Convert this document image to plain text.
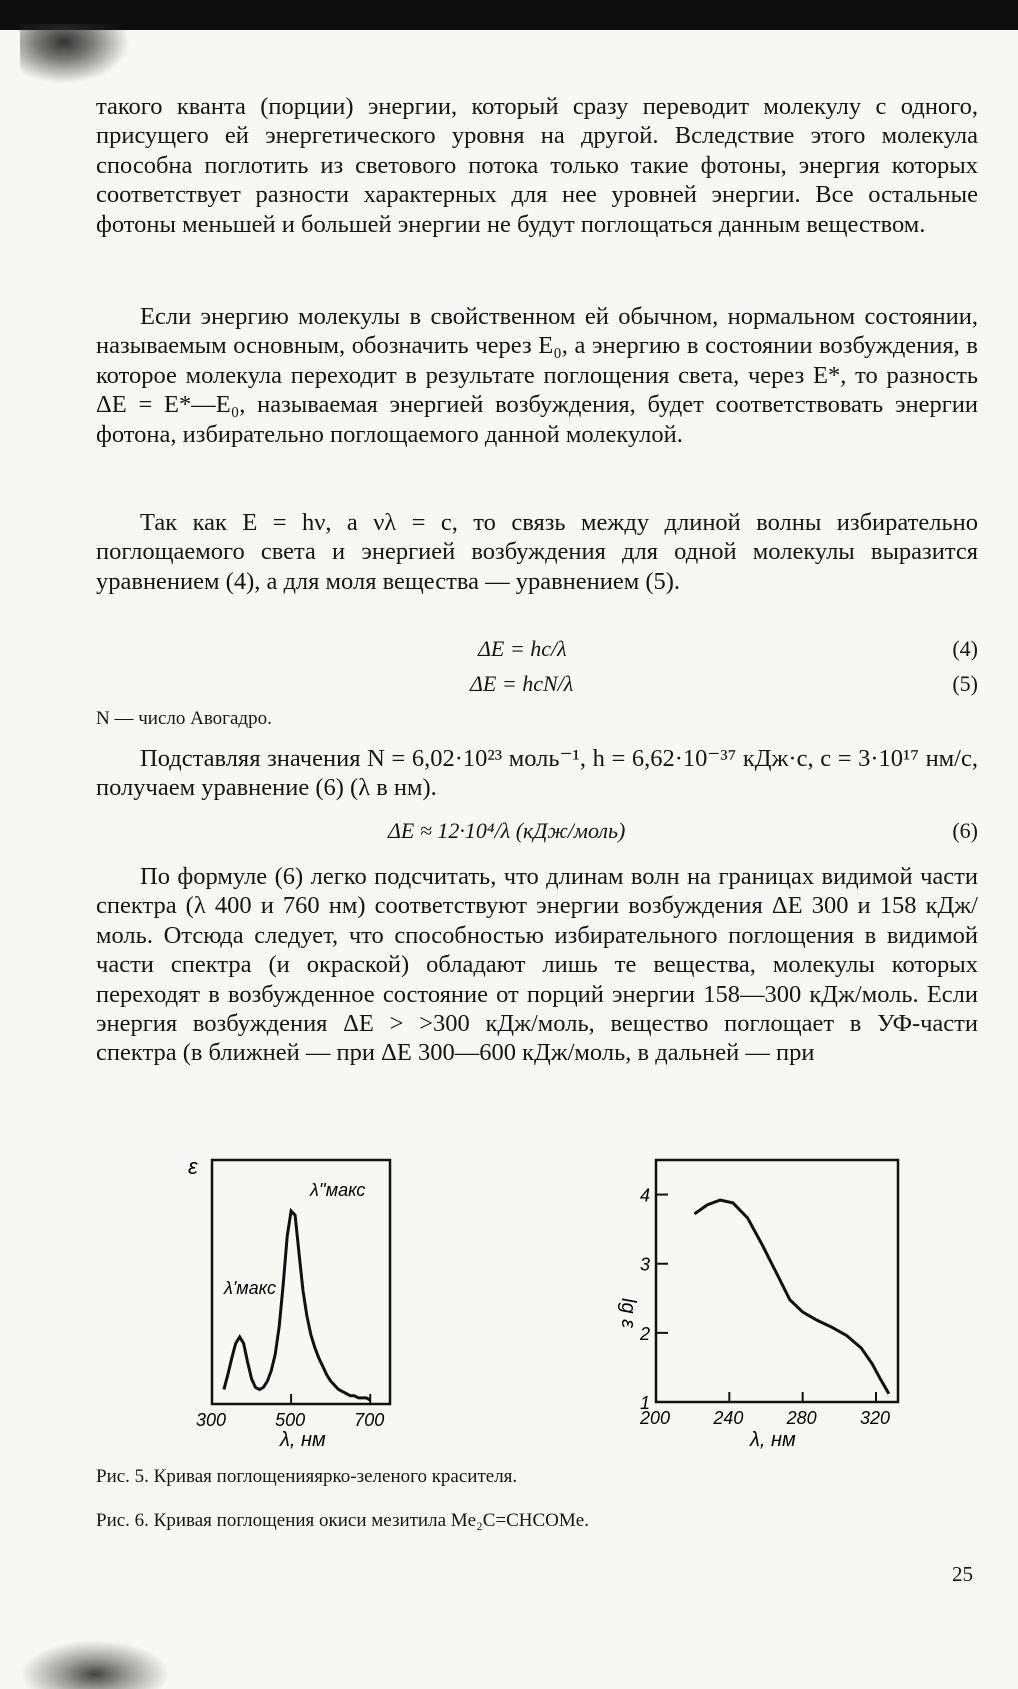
такого кванта (порции) энергии, который сразу переводит молекулу с одного, присущего ей энергетического уровня на другой. Вследствие этого молекула способна поглотить из светового потока только такие фотоны, энергия которых соответствует разности характерных для нее уровней энергии. Все остальные фотоны меньшей и большей энергии не будут поглощаться данным веществом.

Если энергию молекулы в свойственном ей обычном, нормальном состоянии, называемым основным, обозначить через E₀, а энергию в состоянии возбуждения, в которое молекула переходит в результате поглощения света, через E*, то разность ΔE = E*—E₀, называемая энергией возбуждения, будет соответствовать энергии фотона, избирательно поглощаемого данной молекулой.

Так как E = hν, а νλ = c, то связь между длиной волны избирательно поглощаемого света и энергией возбуждения для одной молекулы выразится уравнением (4), а для моля вещества — уравнением (5).

ΔE = hc/λ	(4)
ΔE = hcN/λ	(5)
N — число Авогадро.

Подставляя значения N = 6,02·10²³ моль⁻¹, h = 6,62·10⁻³⁷ кДж·с, c = 3·10¹⁷ нм/с, получаем уравнение (6) (λ в нм).

ΔE ≈ 12·10⁴/λ (кДж/моль)	(6)

По формуле (6) легко подсчитать, что длинам волн на границах видимой части спектра (λ 400 и 760 нм) соответствуют энергии возбуждения ΔE 300 и 158 кДж/моль. Отсюда следует, что способностью избирательного поглощения в видимой части спектра (и окраской) обладают лишь те вещества, молекулы которых переходят в возбужденное состояние от порций энергии 158—300 кДж/моль. Если энергия возбуждения ΔE > >300 кДж/моль, вещество поглощает в УФ-части спектра (в ближней — при ΔE 300—600 кДж/моль, в дальней — при

ε
λ''макс
λ'макс
300	500	700
λ, нм
lg ε
200 240 280 320
1
2
3
4
λ, нм
Рис. 5. Кривая поглощенияярко-зеленого красителя.
Рис. 6. Кривая поглощения окиси мезитила Me₂C=CHCOMe.
25
